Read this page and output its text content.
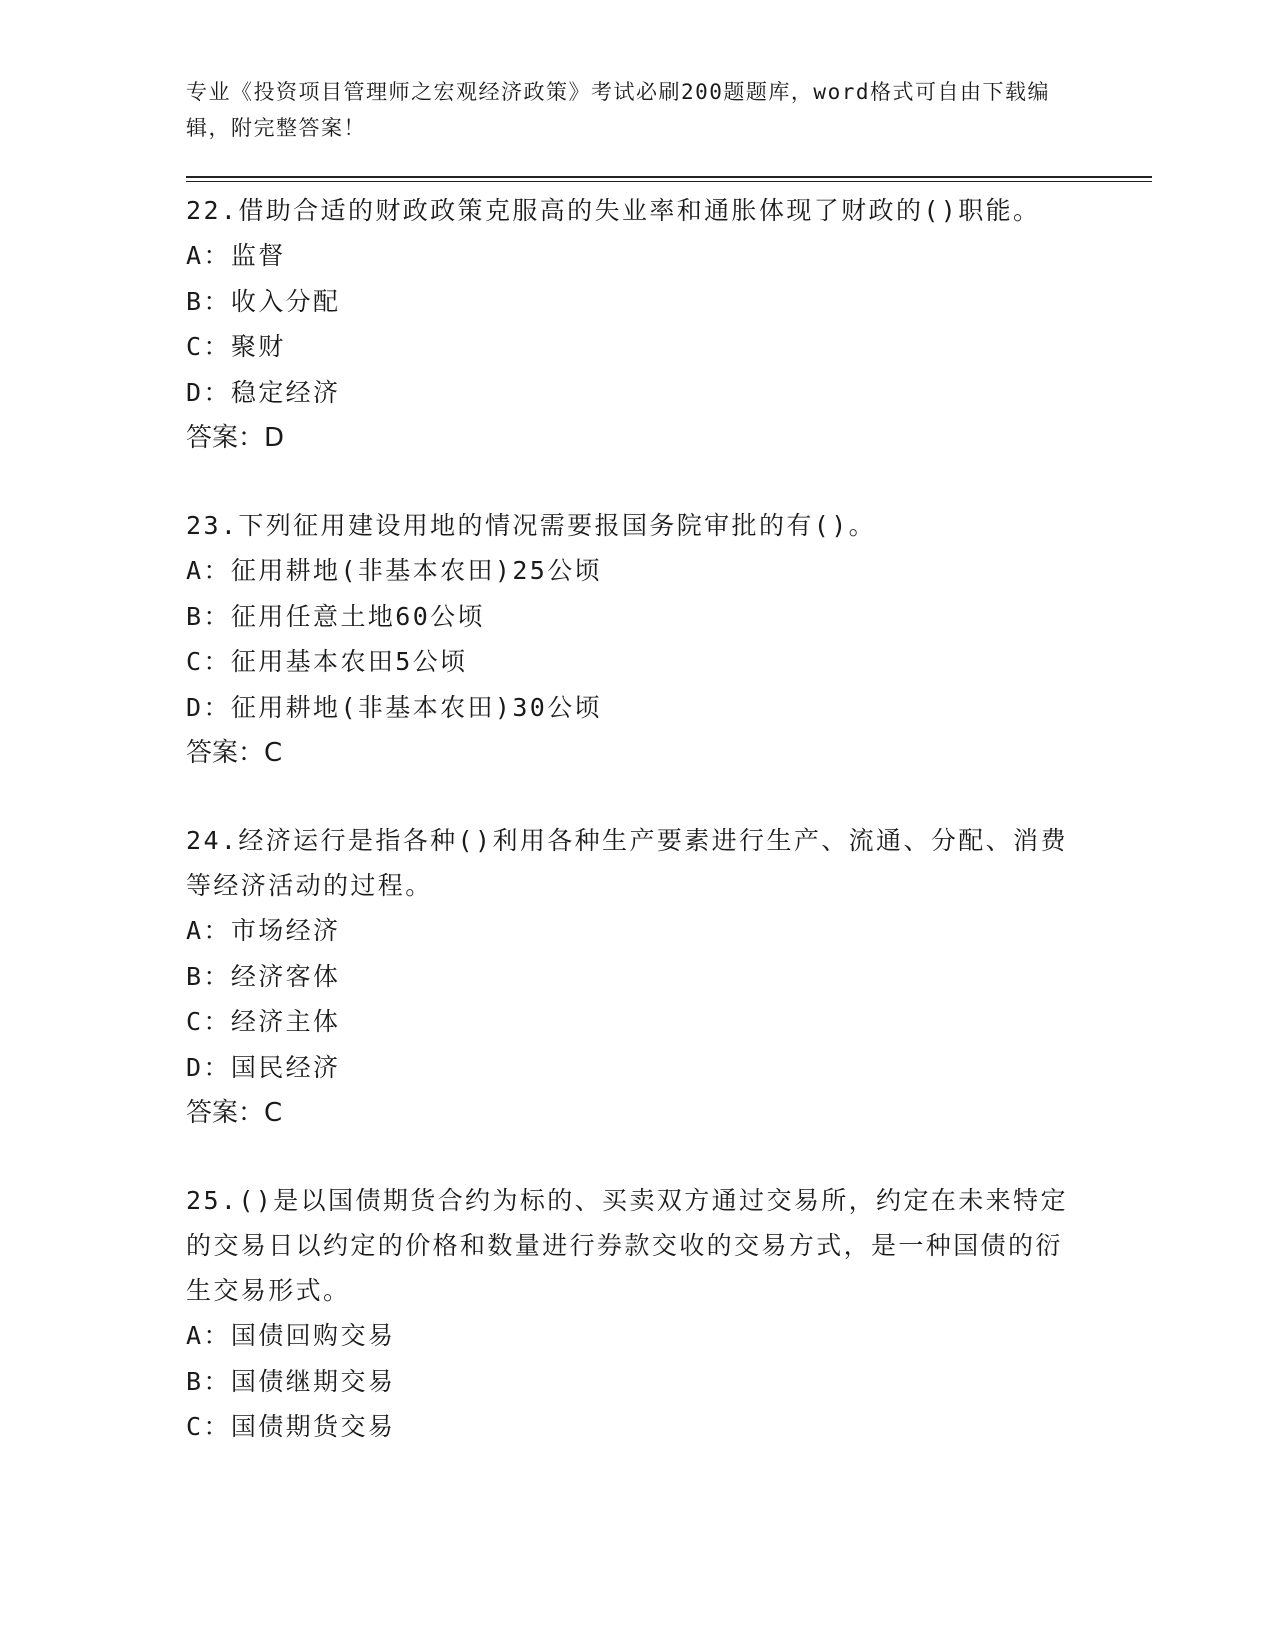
专业《投资项目管理师之宏观经济政策》考试必刷200题题库，word格式可自由下载编辑，附完整答案！

22.借助合适的财政政策克服高的失业率和通胀体现了财政的()职能。

A：监督

B：收入分配

C：聚财

D：稳定经济

答案：D

23.下列征用建设用地的情况需要报国务院审批的有()。

A：征用耕地(非基本农田)25公顷

B：征用任意土地60公顷

C：征用基本农田5公顷

D：征用耕地(非基本农田)30公顷

答案：C

24.经济运行是指各种()利用各种生产要素进行生产、流通、分配、消费等经济活动的过程。

A：市场经济

B：经济客体

C：经济主体

D：国民经济

答案：C

25.()是以国债期货合约为标的、买卖双方通过交易所，约定在未来特定的交易日以约定的价格和数量进行券款交收的交易方式，是一种国债的衍生交易形式。

A：国债回购交易

B：国债继期交易

C：国债期货交易
